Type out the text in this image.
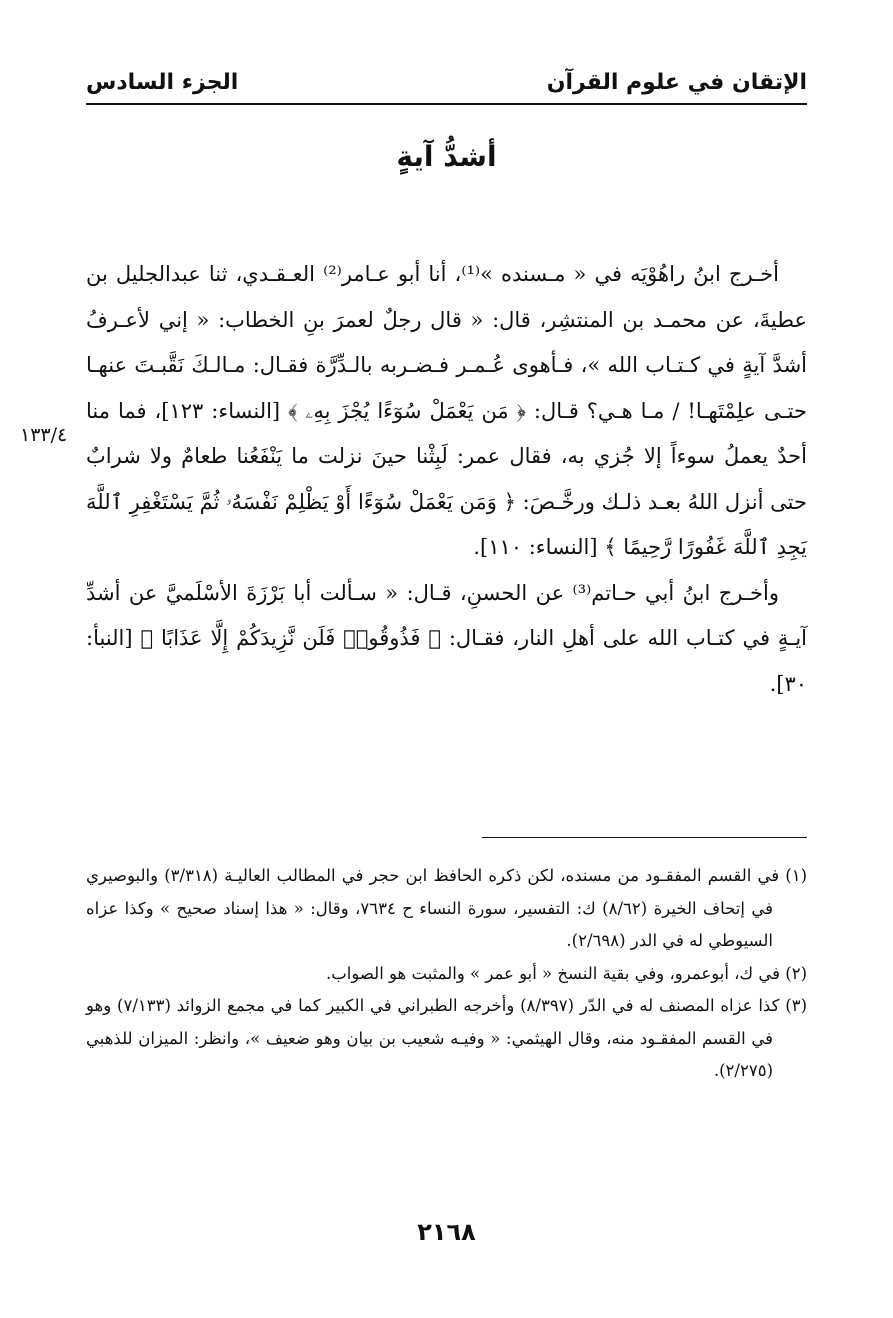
الإتقان في علوم القرآن
الجزء السادس
أشدُّ آيةٍ
١٣٣/٤

أخـرج ابنُ راهُوْيَه في « مـسنده »⁽¹⁾، أنا أبو عـامر⁽²⁾ العـقـدي، ثنا عبدالجليل بن عطيةَ، عن محمـد بن المنتشِر، قال: « قال رجلٌ لعمرَ بنِ الخطاب: « إني لأعـرفُ أشدَّ آيةٍ في كـتـاب الله »، فـأهوى عُـمـر فـضـربه بالـدِّرَّة فقـال: مـالـكَ نَقَّبـتَ عنهـا حتـى علِمْتَهـا! / مـا هـي؟ قـال: ﴿ مَن يَعْمَلْ سُوٓءًا يُجْزَ بِهِۦ ﴾ [النساء: ١٢٣]، فما منا أحدٌ يعملُ سوءاً إلا جُزي به، فقال عمر: لَبِثْنا حينَ نزلت ما يَنْفَعُنا طعامٌ ولا شرابٌ حتى أنزل اللهُ بعـد ذلـك ورخَّـصَ: ﴿ وَمَن يَعْمَلْ سُوٓءًا أَوْ يَظْلِمْ نَفْسَهُۥ ثُمَّ يَسْتَغْفِرِ ٱللَّهَ يَجِدِ ٱللَّهَ غَفُورًا رَّحِيمًا ﴾ [النساء: ١١٠].

وأخـرج ابنُ أبي حـاتم⁽³⁾ عن الحسنِ، قـال: « سـألت أبا بَرْزَةَ الأسْلَميَّ عن أشدِّ آيـةٍ في كتـاب الله على أهلِ النار، فقـال: ﴿ فَذُوقُوا۟ فَلَن نَّزِيدَكُمْ إِلَّا عَذَابًا ﴾ [النبأ: ٣٠].

(١) في القسم المفقـود من مسنده، لكن ذكره الحافظ ابن حجر في المطالب العاليـة (٣/٣١٨) والبوصيري في إتحاف الخيرة (٨/٦٢) ك: التفسير، سورة النساء ح ٧٦٣٤، وقال: « هذا إسناد صحيح » وكذا عزاه السيوطي له في الدر (٢/٦٩٨).

(٢) في ك، أبوعمرو، وفي بقية النسخ « أبو عمر » والمثبت هو الصواب.

(٣) كذا عزاه المصنف له في الدّر (٨/٣٩٧) وأخرجه الطبراني في الكبير كما في مجمع الزوائد (٧/١٣٣) وهو في القسم المفقـود منه، وقال الهيثمي: « وفيـه شعيب بن بيان وهو ضعيف »، وانظر: الميزان للذهبي (٢/٢٧٥).

٢١٦٨
